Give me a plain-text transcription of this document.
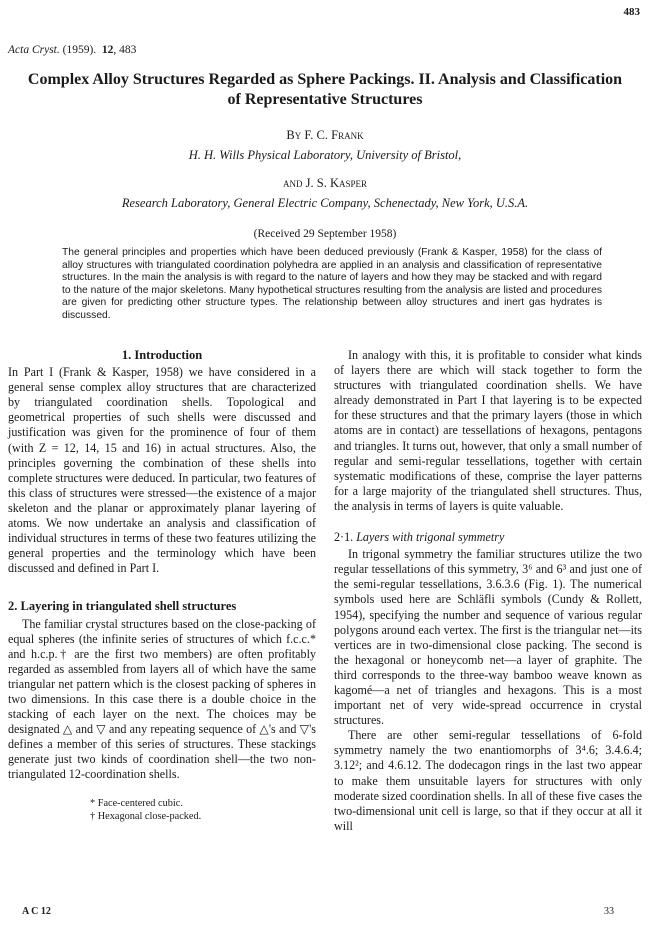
483
Acta Cryst. (1959). 12, 483
Complex Alloy Structures Regarded as Sphere Packings. II. Analysis and Classification of Representative Structures
By F. C. Frank
H. H. Wills Physical Laboratory, University of Bristol,
and J. S. Kasper
Research Laboratory, General Electric Company, Schenectady, New York, U.S.A.
(Received 29 September 1958)
The general principles and properties which have been deduced previously (Frank & Kasper, 1958) for the class of alloy structures with triangulated coordination polyhedra are applied in an analysis and classification of representative structures. In the main the analysis is with regard to the nature of layers and how they may be stacked and with regard to the nature of the major skeletons. Many hypothetical structures resulting from the analysis are listed and procedures are given for predicting other structure types. The relationship between alloy structures and inert gas hydrates is discussed.
1. Introduction

In Part I (Frank & Kasper, 1958) we have considered in a general sense complex alloy structures that are characterized by triangulated coordination shells. Topological and geometrical properties of such shells were discussed and justification was given for the prominence of four of them (with Z = 12, 14, 15 and 16) in actual structures. Also, the principles governing the combination of these shells into complete structures were deduced. In particular, two features of this class of structures were stressed—the existence of a major skeleton and the planar or approximately planar layering of atoms. We now undertake an analysis and classification of individual structures in terms of these two features utilizing the general properties and the terminology which have been discussed and defined in Part I.

2. Layering in triangulated shell structures

The familiar crystal structures based on the close-packing of equal spheres (the infinite series of structures of which f.c.c.* and h.c.p.† are the first two members) are often profitably regarded as assembled from layers all of which have the same triangular net pattern which is the closest packing of spheres in two dimensions. In this case there is a double choice in the stacking of each layer on the next. The choices may be designated △ and ▽ and any repeating sequence of △'s and ▽'s defines a member of this series of structures. These stackings generate just two kinds of coordination shell—the two non-triangulated 12-coordination shells.

* Face-centered cubic.
† Hexagonal close-packed.

In analogy with this, it is profitable to consider what kinds of layers there are which will stack together to form the structures with triangulated coordination shells. We have already demonstrated in Part I that layering is to be expected for these structures and that the primary layers (those in which atoms are in contact) are tessellations of hexagons, pentagons and triangles. It turns out, however, that only a small number of regular and semi-regular tessellations, together with certain systematic modifications of these, comprise the layer patterns for a large majority of the triangulated shell structures. Thus, the analysis in terms of layers is quite valuable.

2·1. Layers with trigonal symmetry

In trigonal symmetry the familiar structures utilize the two regular tessellations of this symmetry, 3⁶ and 6³ and just one of the semi-regular tessellations, 3.6.3.6 (Fig. 1). The numerical symbols used here are Schläfli symbols (Cundy & Rollett, 1954), specifying the number and sequence of various regular polygons around each vertex. The first is the triangular net—its vertices are in two-dimensional close packing. The second is the hexagonal or honeycomb net—a layer of graphite. The third corresponds to the three-way bamboo weave known as kagomé—a net of triangles and hexagons. This is a most important net of very wide-spread occurrence in crystal structures.

There are other semi-regular tessellations of 6-fold symmetry namely the two enantiomorphs of 3⁴.6; 3.4.6.4; 3.12²; and 4.6.12. The dodecagon rings in the last two appear to make them unsuitable layers for structures with only moderate sized coordination shells. In all of these five cases the two-dimensional unit cell is large, so that if they occur at all it will

A C 12	33
